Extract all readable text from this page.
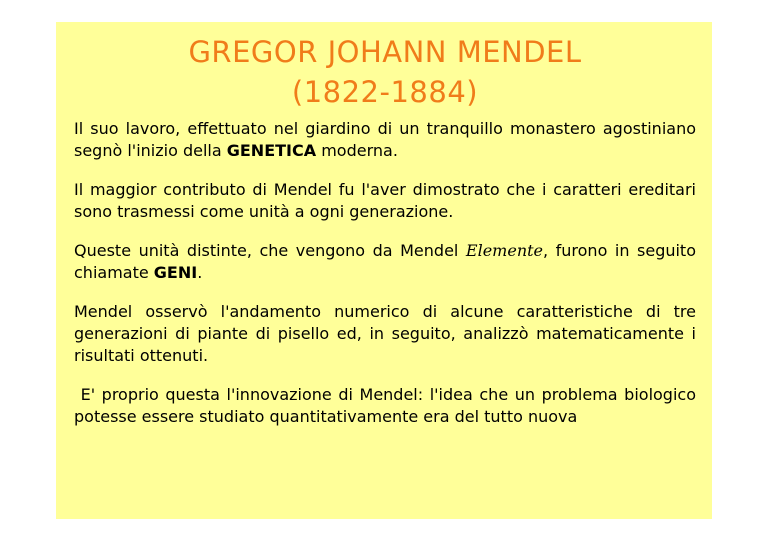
GREGOR JOHANN MENDEL
(1822-1884)

Il suo lavoro, effettuato nel giardino di un tranquillo monastero agostiniano segnò l'inizio della GENETICA moderna.

Il maggior contributo di Mendel fu l'aver dimostrato che i caratteri ereditari sono trasmessi come unità a ogni generazione.

Queste unità distinte, che vengono da Mendel Elemente, furono in seguito chiamate GENI.

Mendel osservò l'andamento numerico di alcune caratteristiche di tre generazioni di piante di pisello ed, in seguito, analizzò matematicamente i risultati ottenuti.

E' proprio questa l'innovazione di Mendel: l'idea che un problema biologico potesse essere studiato quantitativamente era del tutto nuova
